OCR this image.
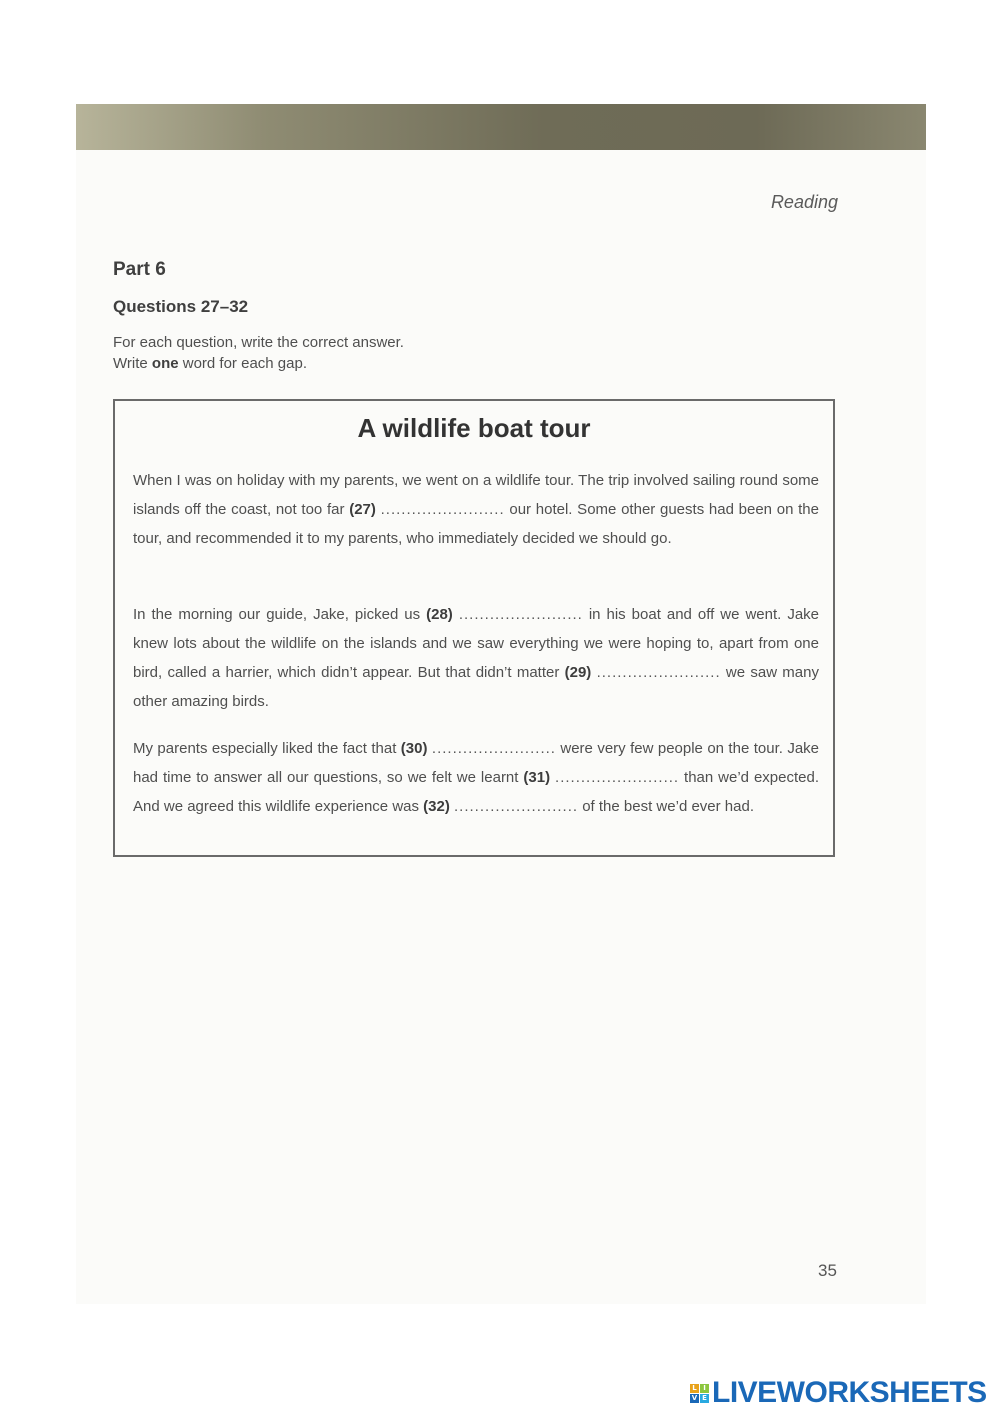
Reading
Part 6
Questions 27–32
For each question, write the correct answer.
Write one word for each gap.
A wildlife boat tour
When I was on holiday with my parents, we went on a wildlife tour. The trip involved sailing round some islands off the coast, not too far (27) ........................ our hotel. Some other guests had been on the tour, and recommended it to my parents, who immediately decided we should go.
In the morning our guide, Jake, picked us (28) ........................ in his boat and off we went. Jake knew lots about the wildlife on the islands and we saw everything we were hoping to, apart from one bird, called a harrier, which didn’t appear. But that didn’t matter (29) ........................ we saw many other amazing birds.
My parents especially liked the fact that (30) ........................ were very few people on the tour. Jake had time to answer all our questions, so we felt we learnt (31) ........................ than we’d expected. And we agreed this wildlife experience was (32) ........................ of the best we’d ever had.
35
L I
V E LIVEWORKSHEETS
